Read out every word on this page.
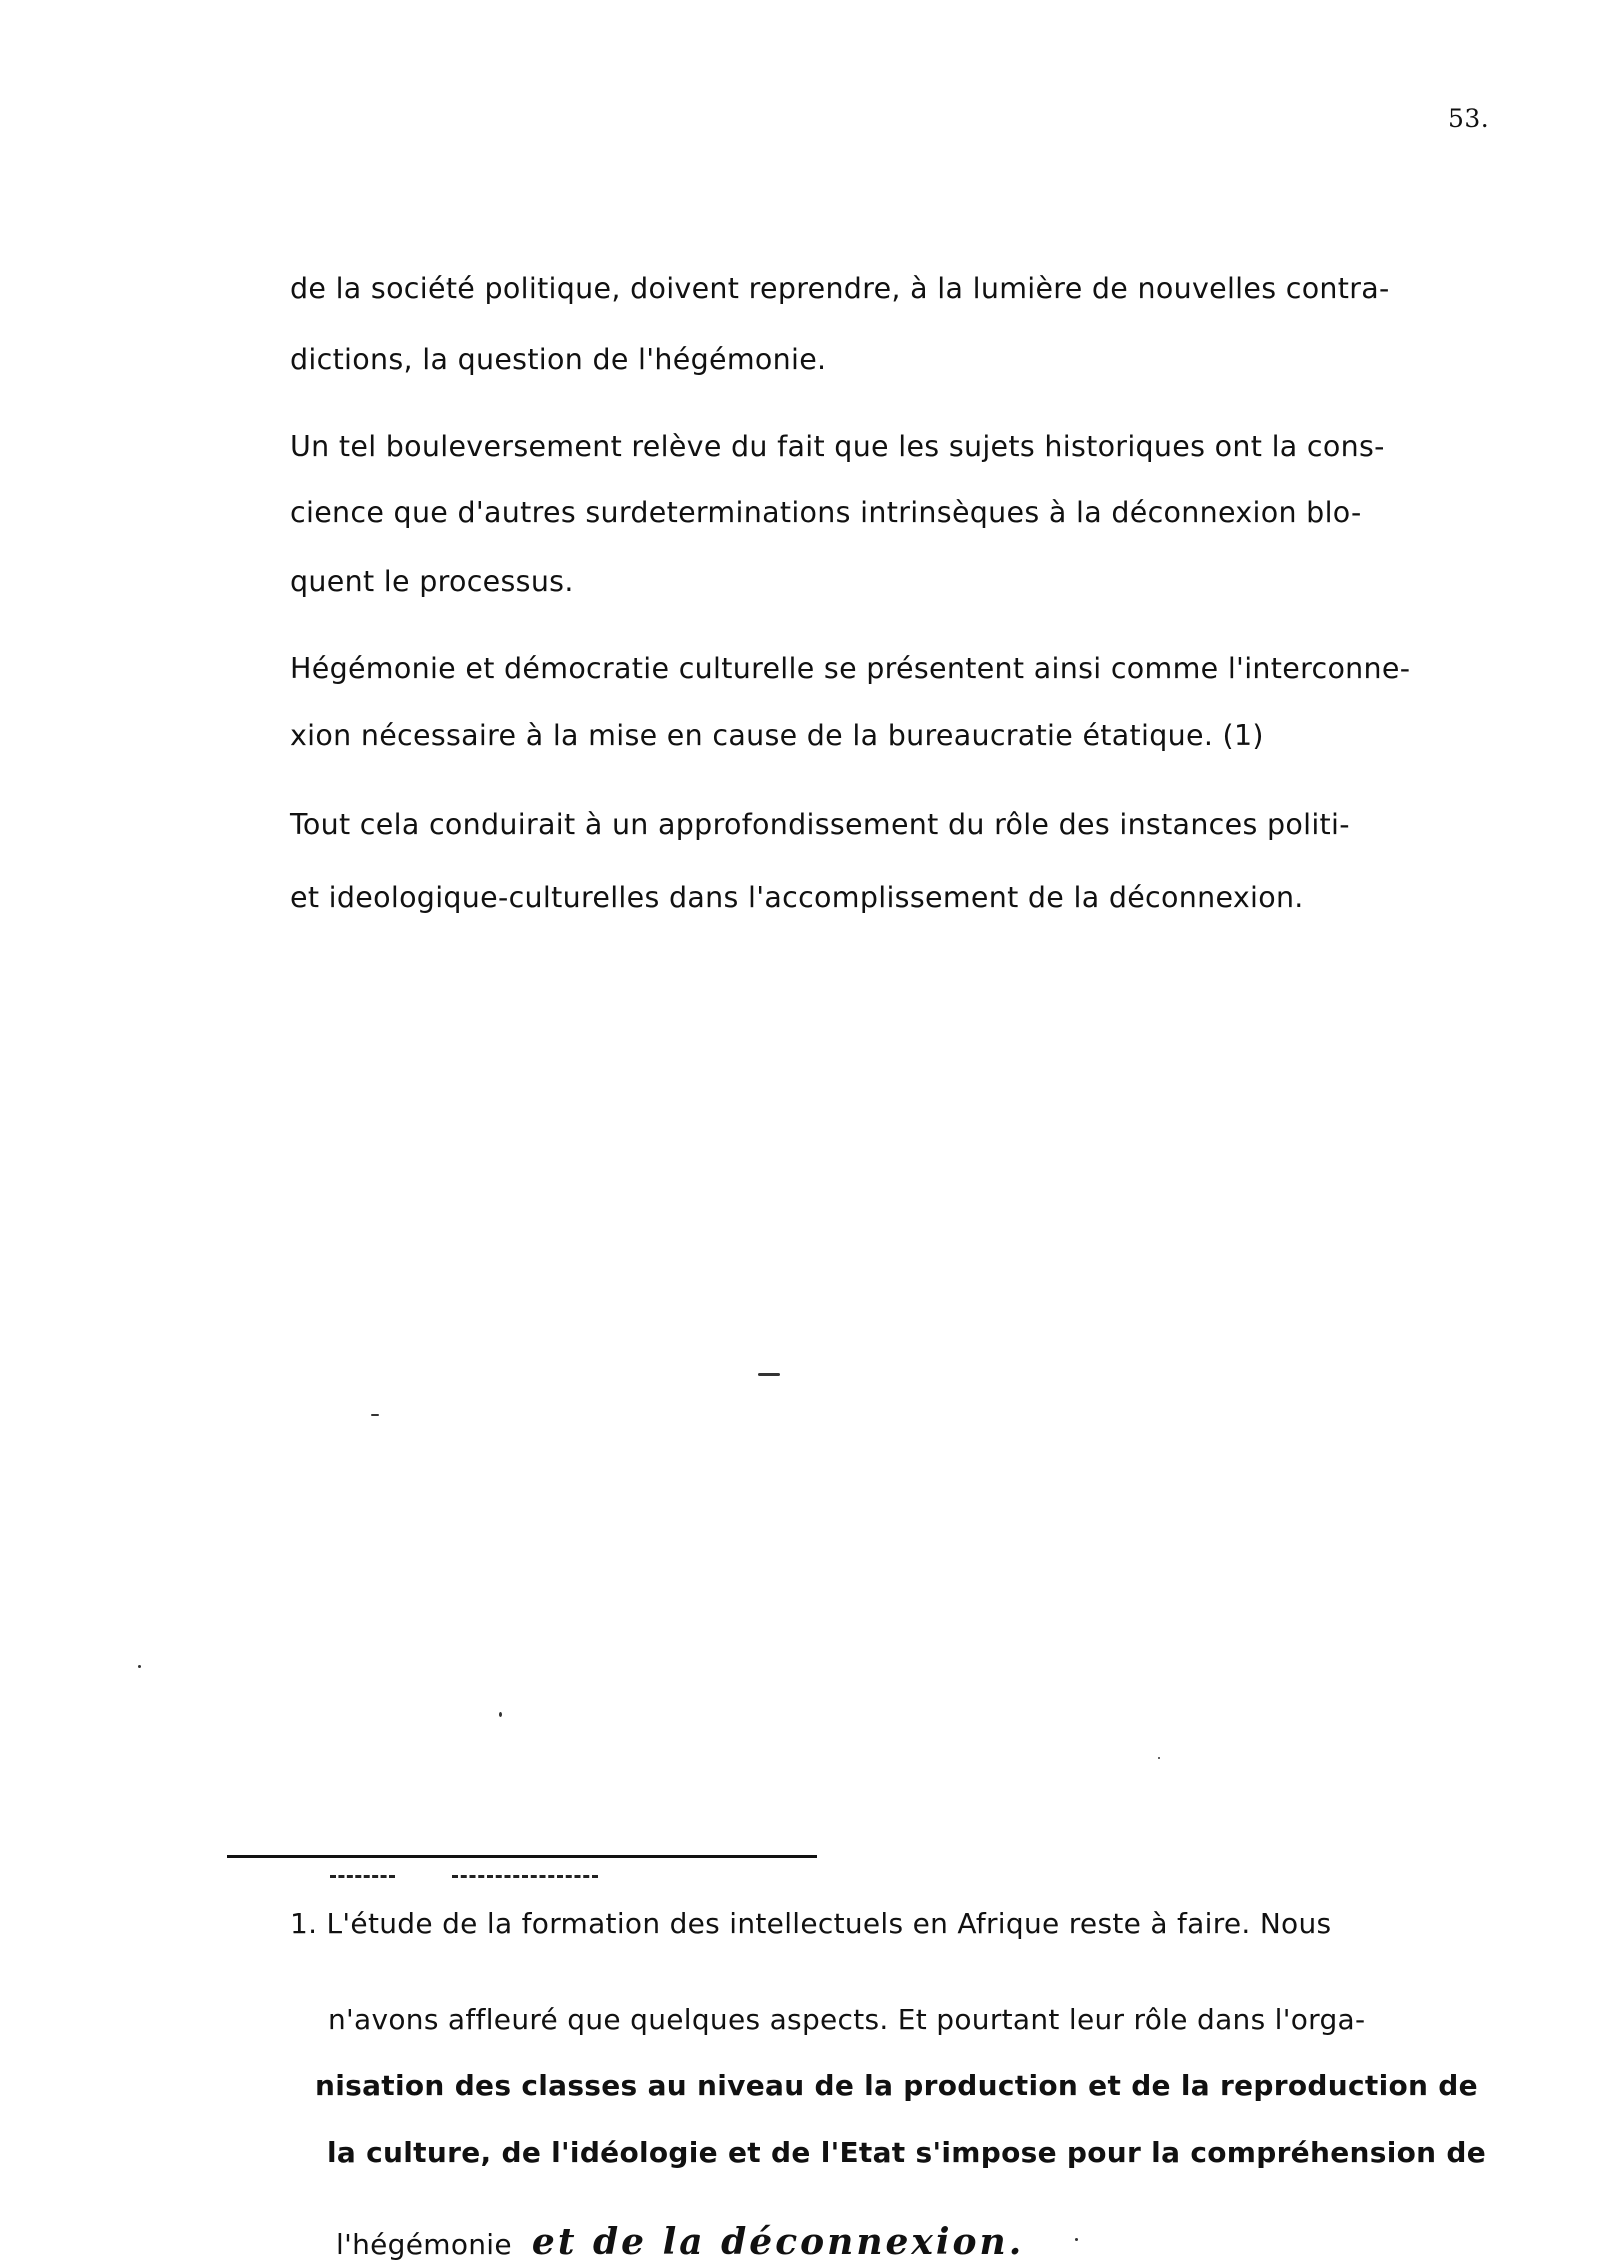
53.
de la société politique, doivent reprendre, à la lumière de nouvelles contra-
dictions, la question de l'hégémonie.
Un tel bouleversement relève du fait que les sujets historiques ont la cons-
cience que d'autres surdeterminations intrinsèques à la déconnexion blo-
quent le processus.
Hégémonie et démocratie culturelle se présentent ainsi comme l'interconne-
xion nécessaire à la mise en cause de la bureaucratie étatique. (1)
Tout cela conduirait à un approfondissement du rôle des instances politi-
et ideologique-culturelles dans l'accomplissement de la déconnexion.
1. L'étude de la formation des intellectuels en Afrique reste à faire. Nous
n'avons affleuré que quelques aspects. Et pourtant leur rôle dans l'orga-
nisation des classes au niveau de la production et de la reproduction de
la culture, de l'idéologie et de l'Etat s'impose pour la compréhension de
l'hégémonie et de la déconnexion.
